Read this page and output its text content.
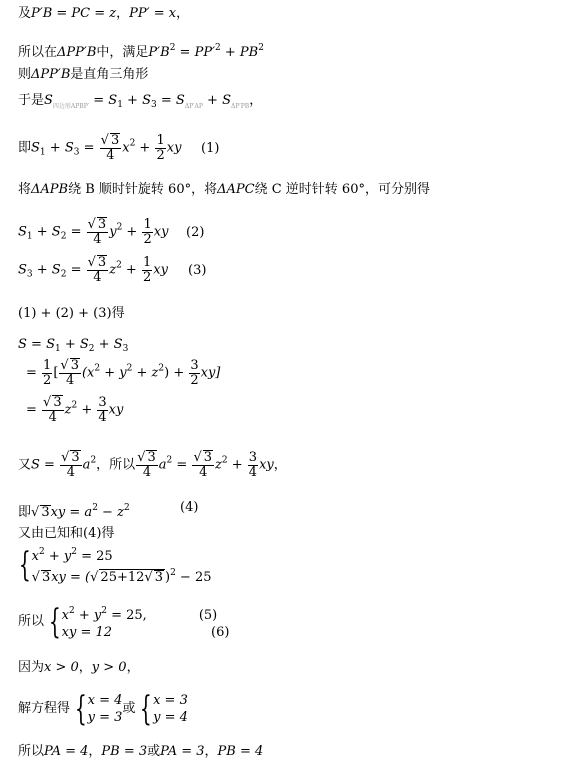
及P′B = PC = z，PP′ = x，
所以在ΔPP′B中，满足$P'B^2 = PP'^2 + PB^2$
则ΔPP′B是直角三角形
于是$S_{四边形APBP'} = S_1 + S_3 = S_{\Delta P'AP} + S_{\Delta P'PB}$，
即$S_1 + S_3 = \frac{√ 3}{4} x^2 + \frac{1}{2}$ xy (1)
将ΔAPB绕 B 顺时针旋转 60°，将ΔAPC绕 C 逆时针转 60°，可分别得
$S_1 + S_2 = \frac{√ 3}{4} y^2 + \frac{1}{2}$ xy (2)
$S_3 + S_2 = \frac{√ 3}{4} z^2 + \frac{1}{2}$ xy (3)
(1) + (2) + (3)得
$S = S_1 + S_2 + S_3$
= $\frac{1}{2}$ [ $\frac{√ 3}{4} (x^2 + y^2 + z^2) + \frac{3}{2} xy$]
= $\frac{√ 3}{4} z^2 + \frac{3}{4}$ xy
又$S = \frac{√ 3}{4} a^2$，所以 $\frac{√ 3}{4} a^2 = \frac{√ 3}{4} z^2 + \frac{3}{4}$ xy，
即√ $3xy = a^2 - z^2$	(4)
又由已知和(4)得
{ $x^2 + y^2 = 25$
√ 3xy = (√ 25+12√ 3 )$^2$ − 25
所以 { $x^2 + y^2 = 25$,	(5)
xy = 12	(6)
因为x > 0，y > 0，
解方程得 { x = 4
y = 3
或 { x = 3
y = 4
所以PA = 4，PB = 3或PA = 3，PB = 4
